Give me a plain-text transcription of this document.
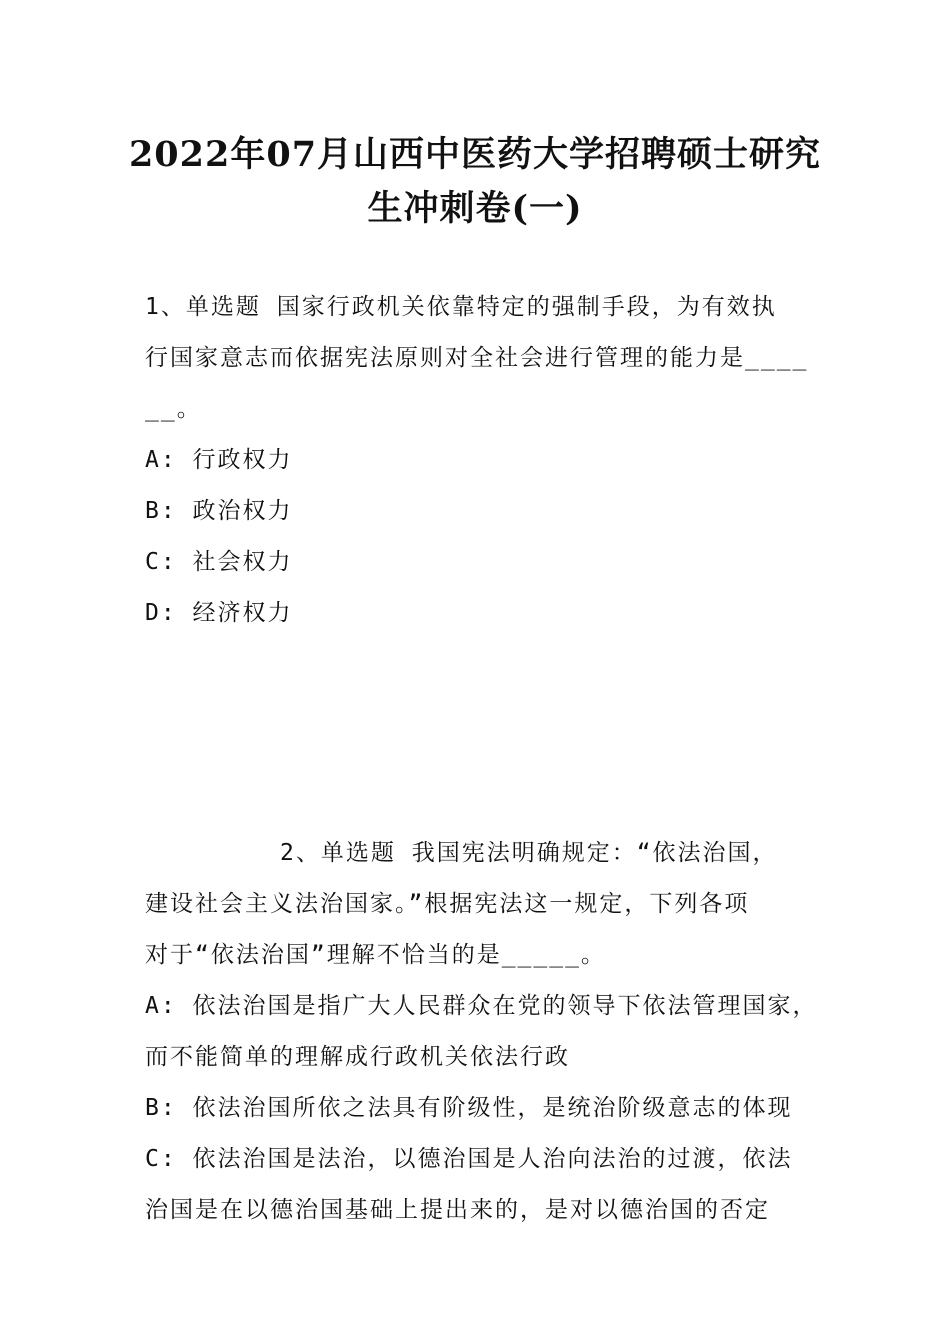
2022年07月山西中医药大学招聘硕士研究
生冲刺卷(一)
1、单选题 国家行政机关依靠特定的强制手段，为有效执
行国家意志而依据宪法原则对全社会进行管理的能力是____
__。
A: 行政权力
B: 政治权力
C: 社会权力
D: 经济权力
2、单选题 我国宪法明确规定：“依法治国，
建设社会主义法治国家。”根据宪法这一规定，下列各项
对于“依法治国”理解不恰当的是_____。
A: 依法治国是指广大人民群众在党的领导下依法管理国家，
而不能简单的理解成行政机关依法行政
B: 依法治国所依之法具有阶级性，是统治阶级意志的体现
C: 依法治国是法治，以德治国是人治向法治的过渡，依法
治国是在以德治国基础上提出来的，是对以德治国的否定
